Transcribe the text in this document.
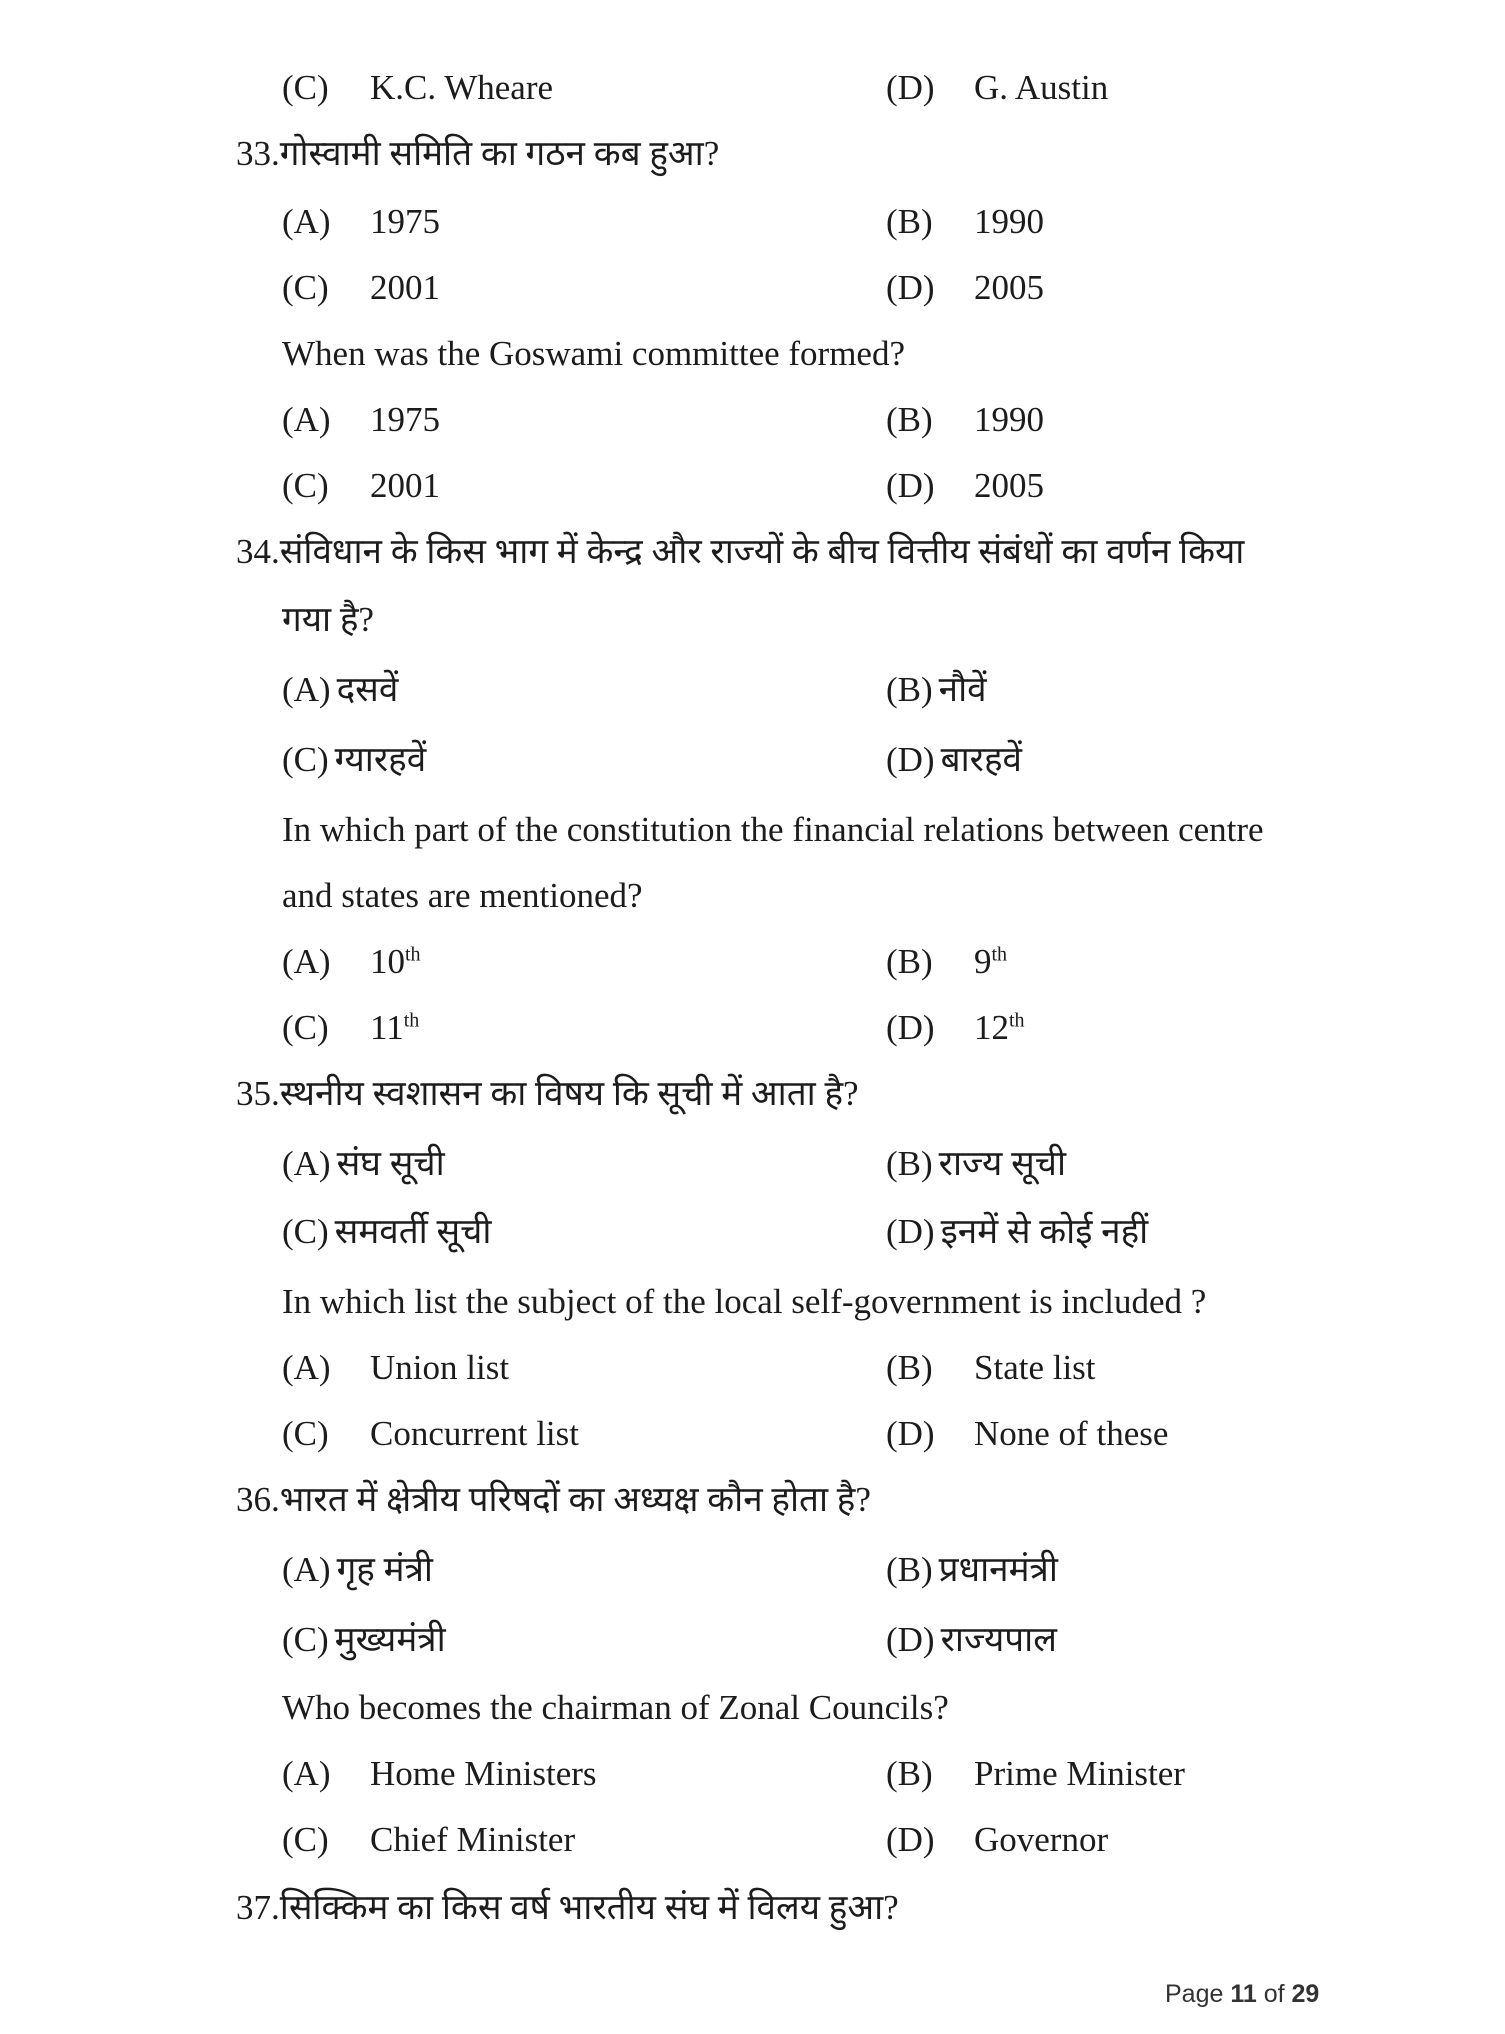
(C) K.C. Wheare	(D) G. Austin
33.गोस्वामी समिति का गठन कब हुआ?
(A) 1975	(B) 1990
(C) 2001	(D) 2005
When was the Goswami committee formed?
(A) 1975	(B) 1990
(C) 2001	(D) 2005
34.संविधान के किस भाग में केन्द्र और राज्यों के बीच वित्तीय संबंधों का वर्णन किया
गया है?
(A) दसवें	(B) नौवें
(C) ग्यारहवें	(D) बारहवें
In which part of the constitution the financial relations between centre
and states are mentioned?
(A) 10th	(B) 9th
(C) 11th	(D) 12th
35.स्थनीय स्वशासन का विषय कि सूची में आता है?
(A) संघ सूची	(B) राज्य सूची
(C) समवर्ती सूची	(D) इनमें से कोई नहीं
In which list the subject of the local self-government is included ?
(A) Union list	(B) State list
(C) Concurrent list	(D) None of these
36.भारत में क्षेत्रीय परिषदों का अध्यक्ष कौन होता है?
(A) गृह मंत्री	(B) प्रधानमंत्री
(C) मुख्यमंत्री	(D) राज्यपाल
Who becomes the chairman of Zonal Councils?
(A) Home Ministers	(B) Prime Minister
(C) Chief Minister	(D) Governor
37.सिक्किम का किस वर्ष भारतीय संघ में विलय हुआ?
Page 11 of 29
